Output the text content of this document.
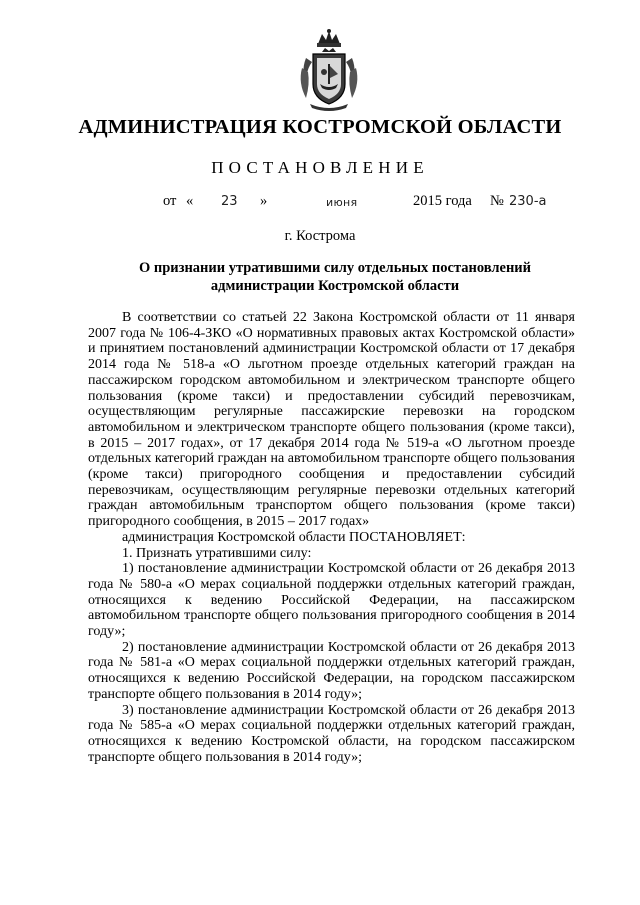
АДМИНИСТРАЦИЯ КОСТРОМСКОЙ ОБЛАСТИ
ПОСТАНОВЛЕНИЕ
от « 23 »	июня	2015 года № 230-а
г. Кострома
О признании утратившими силу отдельных постановлений администрации Костромской области

В соответствии со статьей 22 Закона Костромской области от 11 января 2007 года № 106-4-ЗКО «О нормативных правовых актах Костромской области» и принятием постановлений администрации Костромской области от 17 декабря 2014 года № 518-а «О льготном проезде отдельных категорий граждан на пассажирском городском автомобильном и электрическом транспорте общего пользования (кроме такси) и предоставлении субсидий перевозчикам, осуществляющим регулярные пассажирские перевозки на городском автомобильном и электрическом транспорте общего пользования (кроме такси), в 2015 – 2017 годах», от 17 декабря 2014 года № 519-а «О льготном проезде отдельных категорий граждан на автомобильном транспорте общего пользования (кроме такси) пригородного сообщения и предоставлении субсидий перевозчикам, осуществляющим регулярные перевозки отдельных категорий граждан автомобильным транспортом общего пользования (кроме такси) пригородного сообщения, в 2015 – 2017 годах»

администрация Костромской области ПОСТАНОВЛЯЕТ:

1. Признать утратившими силу:

1) постановление администрации Костромской области от 26 декабря 2013 года № 580-а «О мерах социальной поддержки отдельных категорий граждан, относящихся к ведению Российской Федерации, на пассажирском автомобильном транспорте общего пользования пригородного сообщения в 2014 году»;

2) постановление администрации Костромской области от 26 декабря 2013 года № 581-а «О мерах социальной поддержки отдельных категорий граждан, относящихся к ведению Российской Федерации, на городском пассажирском транспорте общего пользования в 2014 году»;

3) постановление администрации Костромской области от 26 декабря 2013 года № 585-а «О мерах социальной поддержки отдельных категорий граждан, относящихся к ведению Костромской области, на городском пассажирском транспорте общего пользования в 2014 году»;
